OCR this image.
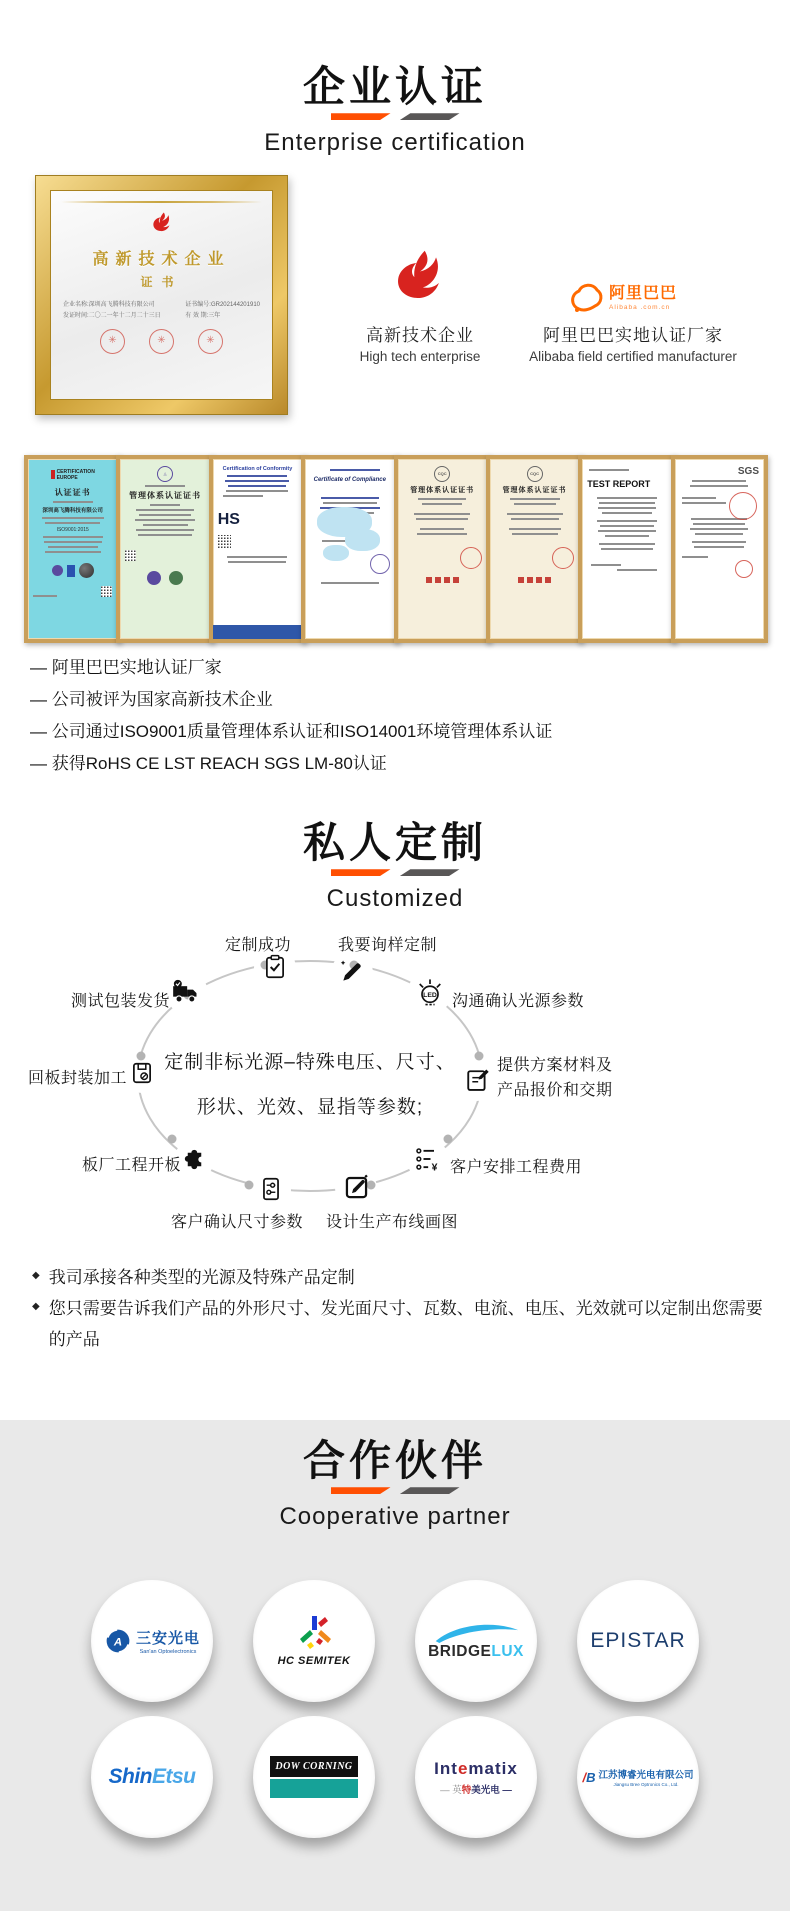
企业认证
Enterprise certification
高新技术企业
证书
企业名称:深圳高飞腾科技有限公司
发证时间:二〇二一年十二月二十三日
证书编号:GR202144201910
有 效 期:三年
✳	✳	✳	高新技术企业
High tech enterprise
阿里巴巴
Alibaba .com.cn
阿里巴巴实地认证厂家
Alibaba field certified manufacturer
CERTIFICATION
EUROPE
认证证书
深圳高飞腾科技有限公司
ISO9001:2015
◬
管理体系认证证书
Certification of Conformity
HS
Certificate of Compliance
CQC
管理体系认证证书
CQC
管理体系认证证书
TEST REPORT
SGS
— 阿里巴巴实地认证厂家
— 公司被评为国家高新技术企业
— 公司通过ISO9001质量管理体系认证和ISO14001环境管理体系认证
— 获得RoHS CE LST REACH SGS LM-80认证
私人定制
Customized
定制非标光源–特殊电压、尺寸、
形状、光效、显指等参数;
定制成功	我要询样定制
测试包装发货	沟通确认光源参数
回板封装加工
提供方案材料及
产品报价和交期
板厂工程开板	客户安排工程费用
客户确认尺寸参数	设计生产布线画图
LED
¥
◆ 我司承接各种类型的光源及特殊产品定制
◆ 您只需要告诉我们产品的外形尺寸、发光面尺寸、瓦数、电流、电压、光效就可以定制出您需要的产品
合作伙伴
Cooperative partner
A 三安光电
San'an Optoelectronics
HC SEMITEK
BRIDGELUX	EPISTAR
ShinEtsu	DOW CORNING	Intematix
— 英特美光电 —
/B 江苏博睿光电有限公司
Jiangsu Bree Optronics Co., Ltd.
